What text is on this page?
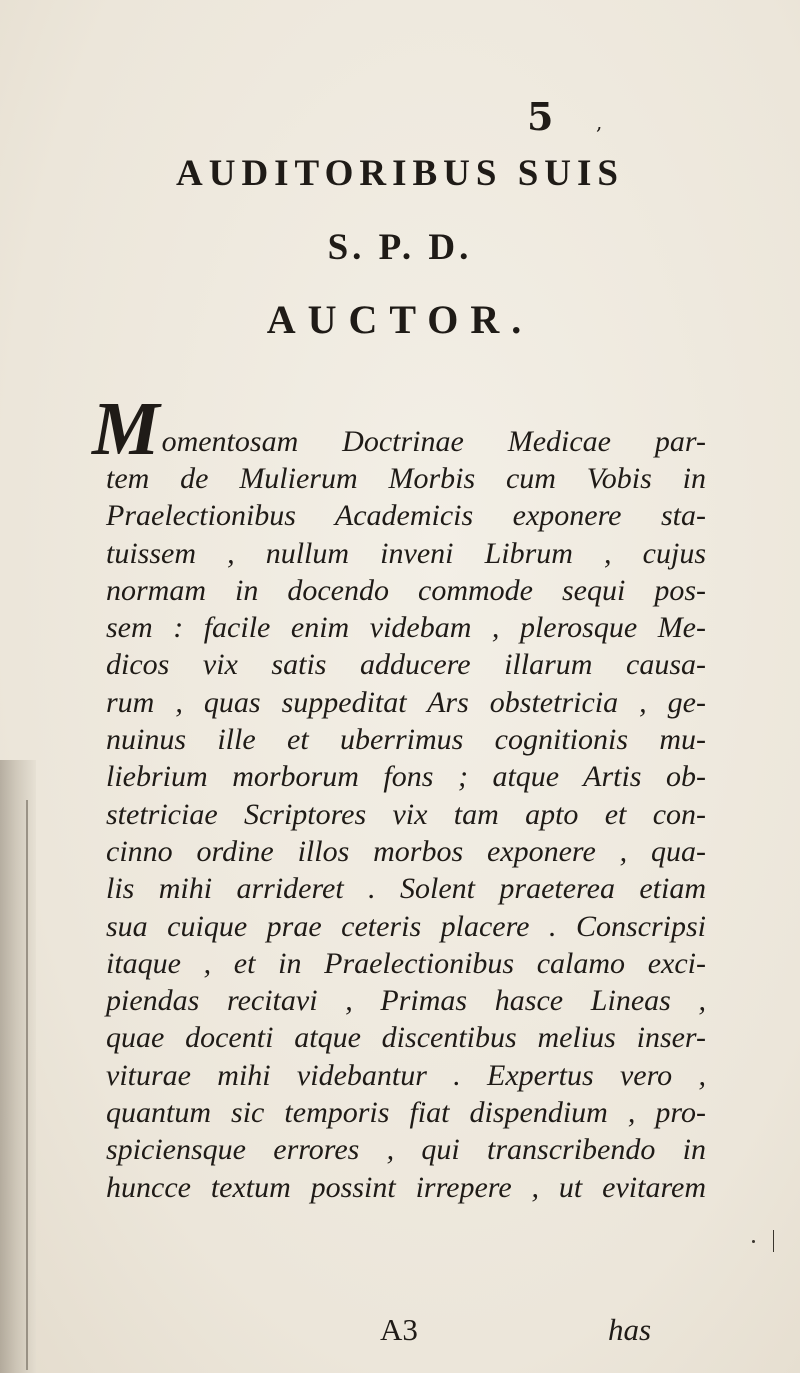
5 ,
AUDITORIBUS SUIS
S. P. D.
AUCTOR.
M omentosam Doctrinae Medicae par-
tem de Mulierum Morbis cum Vobis in
Praelectionibus Academicis exponere sta-
tuissem , nullum inveni Librum , cujus
normam in docendo commode sequi pos-
sem : facile enim videbam , plerosque Me-
dicos vix satis adducere illarum causa-
rum , quas suppeditat Ars obstetricia , ge-
nuinus ille et uberrimus cognitionis mu-
liebrium morborum fons ; atque Artis ob-
stetriciae Scriptores vix tam apto et con-
cinno ordine illos morbos exponere , qua-
lis mihi arrideret . Solent praeterea etiam
sua cuique prae ceteris placere . Conscripsi
itaque , et in Praelectionibus calamo exci-
piendas recitavi , Primas hasce Lineas ,
quae docenti atque discentibus melius inser-
viturae mihi videbantur . Expertus vero ,
quantum sic temporis fiat dispendium , pro-
spiciensque errores , qui transcribendo in
huncce textum possint irrepere , ut evitarem
A3	has
